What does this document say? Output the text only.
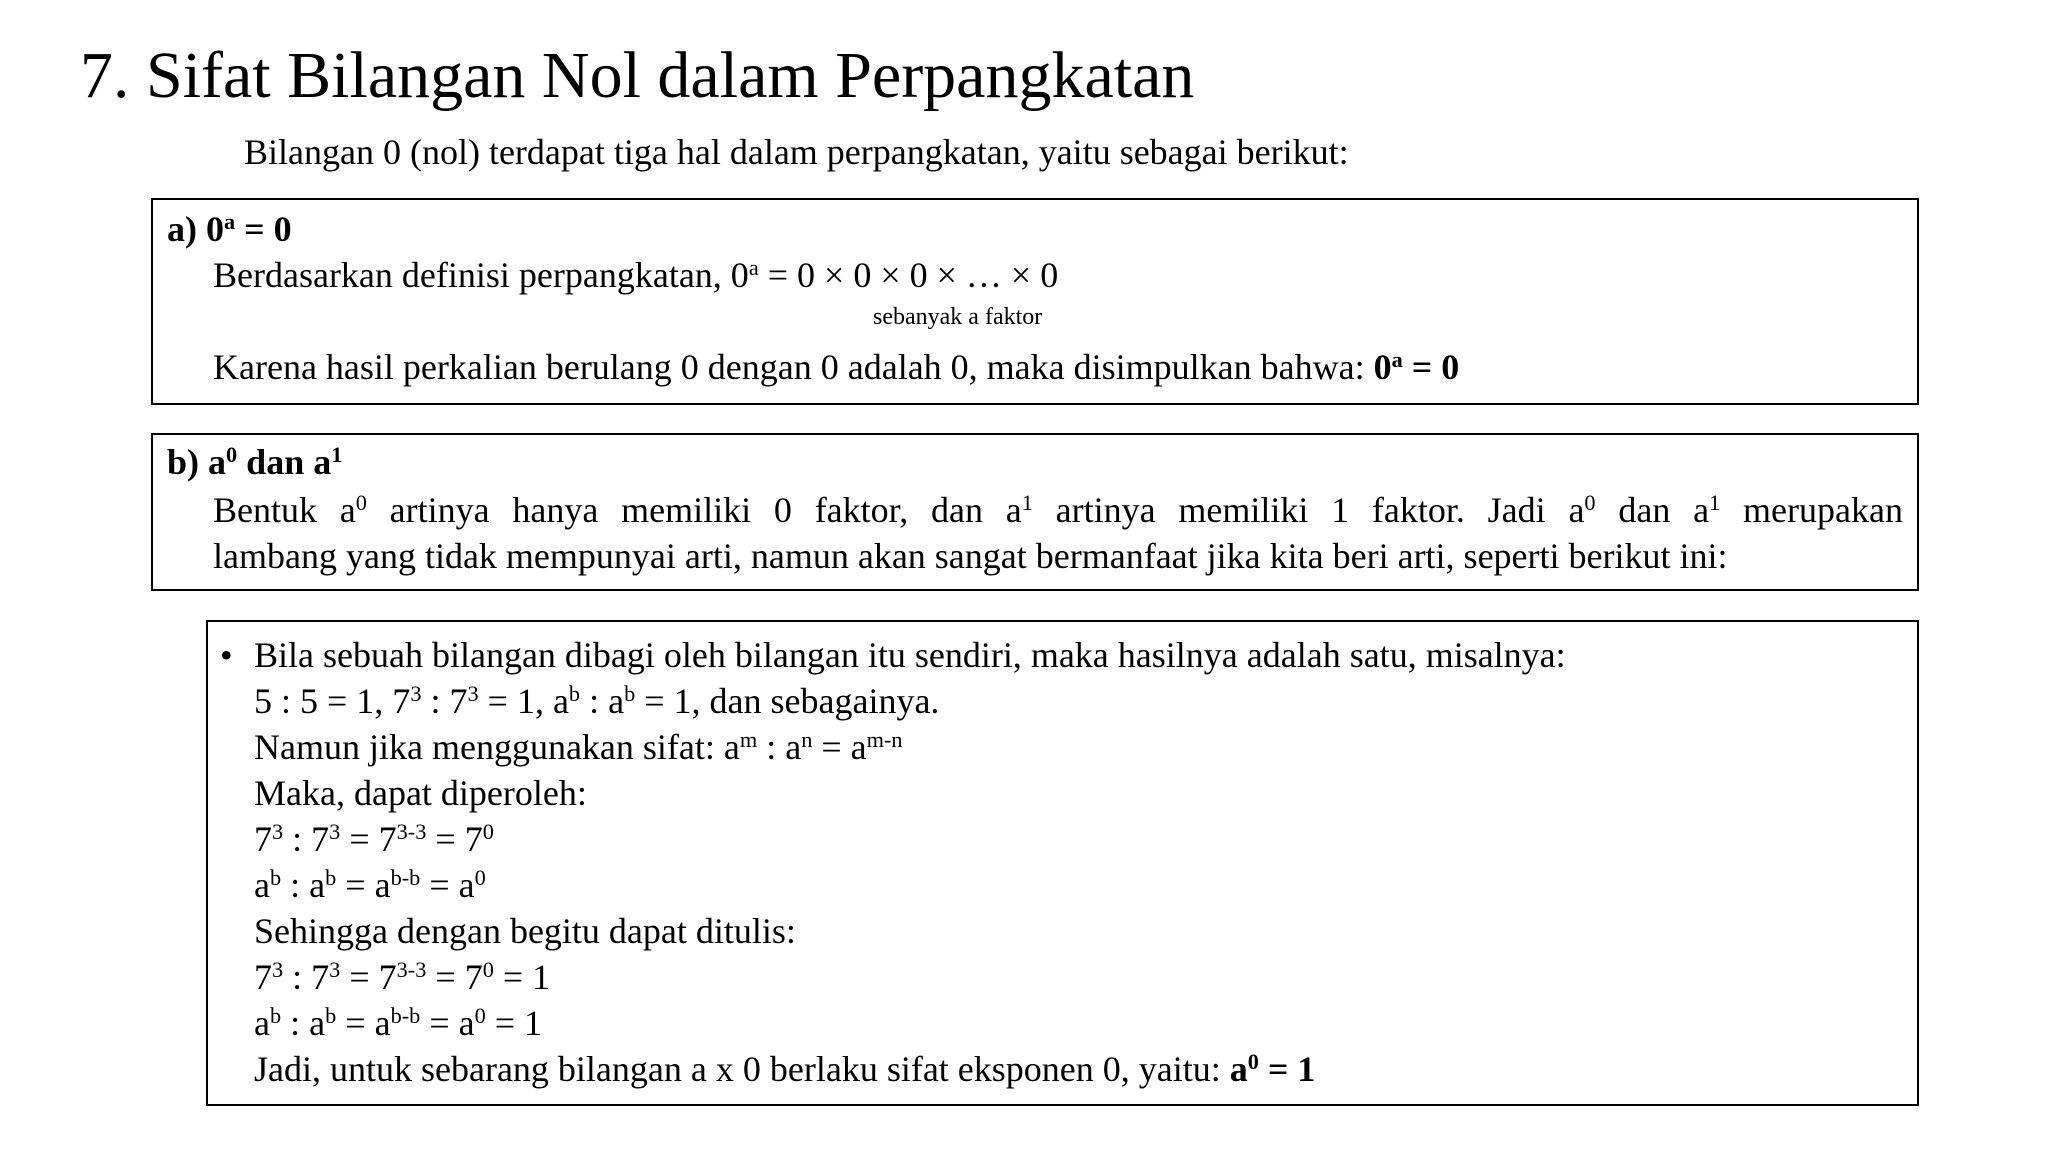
7. Sifat Bilangan Nol dalam Perpangkatan
Bilangan 0 (nol) terdapat tiga hal dalam perpangkatan, yaitu sebagai berikut:
a) $0^a = 0$
Berdasarkan definisi perpangkatan, $0^a = 0 \times 0 \times 0$ × … × 0
sebanyak a faktor
Karena hasil perkalian berulang 0 dengan 0 adalah 0, maka disimpulkan bahwa: $0^a = 0$
b) $a^0$ dan $a^1$
Bentuk $a^0$ artinya hanya memiliki 0 faktor, dan $a^1$ artinya memiliki 1 faktor. Jadi $a^0$ dan $a^1$ merupakan
lambang yang tidak mempunyai arti, namun akan sangat bermanfaat jika kita beri arti, seperti berikut ini:
• Bila sebuah bilangan dibagi oleh bilangan itu sendiri, maka hasilnya adalah satu, misalnya:
5 : 5 = 1, $7^3$ : $7^3 = 1$, $a^b$ : $a^b = 1$, dan sebagainya.
Namun jika menggunakan sifat: $a^m$ : $a^n = a^{m-n}$
Maka, dapat diperoleh:
$7^3$ : $7^3 = 7^{3-3} = 7^0$
$a^b$ : $a^b = a^{b-b} = a^0$
Sehingga dengan begitu dapat ditulis:
$7^3$ : $7^3 = 7^{3-3} = 7^0 = 1$
$a^b$ : $a^b = a^{b-b} = a^0 = 1$
Jadi, untuk sebarang bilangan a x 0 berlaku sifat eksponen 0, yaitu: $a^0 = 1$
